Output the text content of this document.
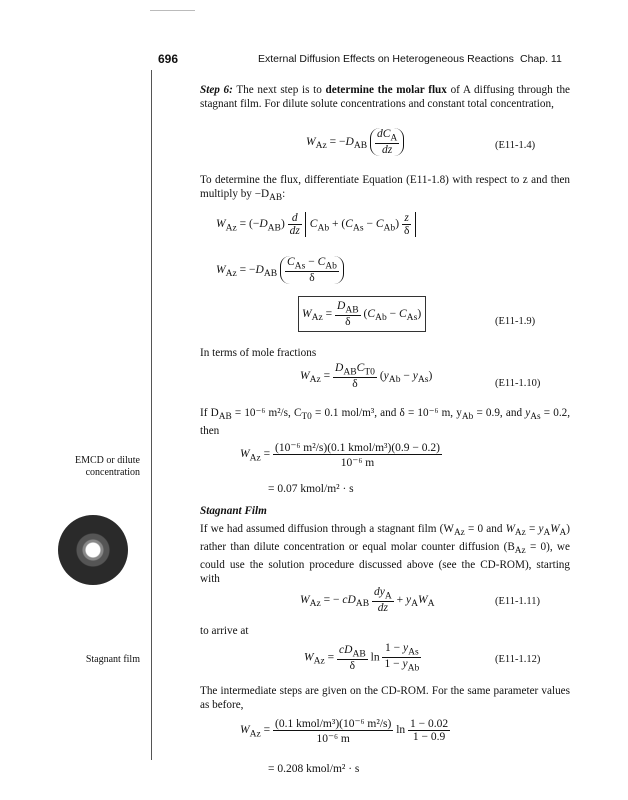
696	External Diffusion Effects on Heterogeneous Reactions Chap. 11
Step 6: The next step is to determine the molar flux of A diffusing through the stagnant film. For dilute solute concentrations and constant total concentration,
$W_{Az} = -D_{AB} \frac{dC_A}{dz}$	(E11-1.4)
To determine the flux, differentiate Equation (E11-1.8) with respect to z and then multiply by $-D_{AB}$:
$W_{Az} = (-D_{AB}) \frac{d}{dz} C_{Ab} + (C_{As} - C_{Ab}) \frac{z}{\delta}$
$W_{Az} = -D_{AB} \frac{C_{As} - C_{Ab}}{\delta}$
$W_{Az} = \frac{D_{AB}}{\delta} (C_{Ab} - C_{As})$
(E11-1.9)
In terms of mole fractions
$W_{Az} = \frac{D_{AB}C_{T0}}{\delta} (y_{Ab} - y_{As})$
(E11-1.10)
If $D_{AB} = 10^{-6}$ m²/s, $C_{T0} = 0.1$ mol/m³, and δ = 10⁻⁶ m, $y_{Ab} = 0.9$, and $y_{As} = 0.2$, then
$W_{Az} = \frac{\text{(10⁻⁶ m²/s)(0.1 kmol/m³)(0.9 − 0.2)}}{\text{10⁻⁶ m}}$
= 0.07 kmol/m² · s
EMCD or dilute
concentration
Stagnant film
Stagnant Film
If we had assumed diffusion through a stagnant film ($W_{Az} = 0$ and $W_{Az} = y_AW_A$) rather than dilute concentration or equal molar counter diffusion $(B_{Az} = 0)$, we could use the solution procedure discussed above (see the CD-ROM), starting with
$W_{Az}$ = − $cD_{AB} \frac{dy_A}{dz} + y_AW_A$	(E11-1.11)
to arrive at
$W_{Az} = \frac{cD_{AB}}{\delta}$ $\ln \frac{1 - y_{As}}{1 - y_{Ab}}$	(E11-1.12)
The intermediate steps are given on the CD-ROM. For the same parameter values as before,
$W_{Az} = \frac{\text{(0.1 kmol/m³)(10⁻⁶ m²/s)}}{\text{10⁻⁶ m}}$ $\ln \frac{1 - 0.02}{1 - 0.9}$
= 0.208 kmol/m² · s
